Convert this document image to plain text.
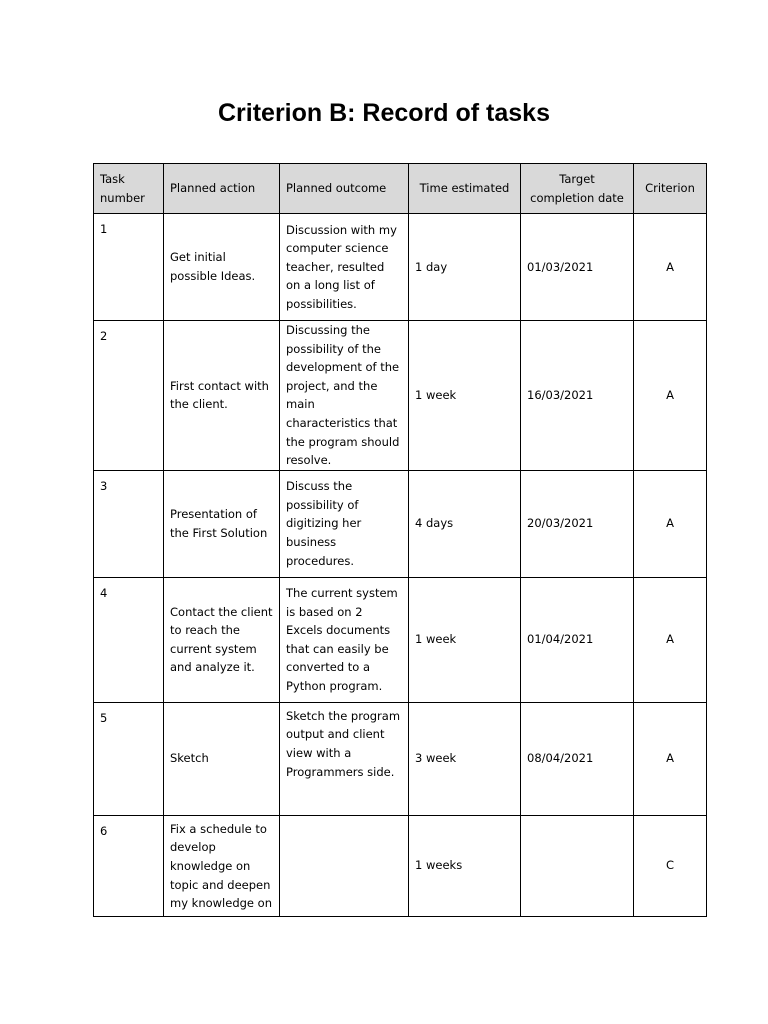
Criterion B: Record of tasks
Task number	Planned action	Planned outcome	Time estimated	Target completion date	Criterion
1	Get initial possible Ideas.	Discussion with my computer science teacher, resulted on a long list of possibilities.	1 day	01/03/2021	A
2	First contact with the client.	Discussing the possibility of the development of the project, and the main characteristics that the program should resolve.	1 week	16/03/2021	A
3	Presentation of the First Solution	Discuss the possibility of digitizing her business procedures.	4 days	20/03/2021	A
4	Contact the client to reach the current system and analyze it.	The current system is based on 2 Excels documents that can easily be converted to a Python program.	1 week	01/04/2021	A
5	Sketch	Sketch the program output and client view with a Programmers side.	3 week	08/04/2021	A
6	Fix a schedule to develop knowledge on topic and deepen my knowledge on		1 weeks		C
